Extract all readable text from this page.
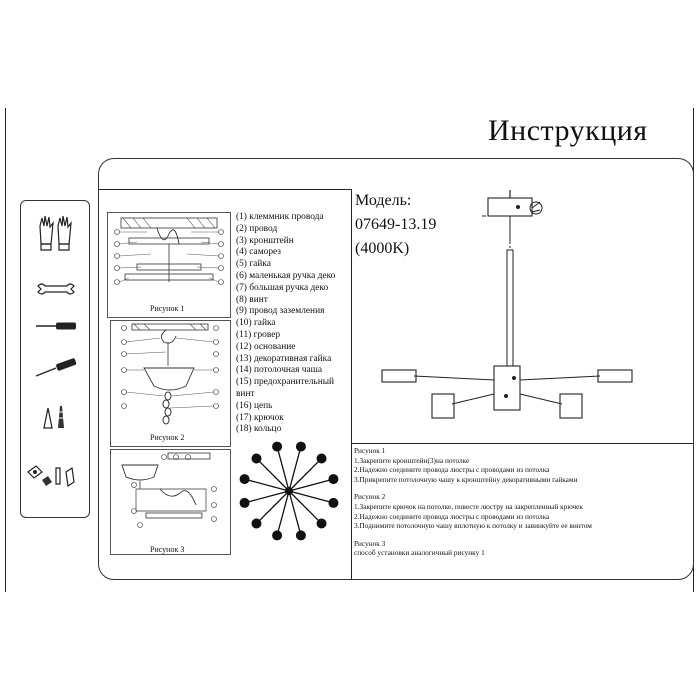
Инструкция
Рисунок 1
Рисунок 2
Рисунок 3
(1) клеммник провода
(2) провод
(3) кронштейн
(4) саморез
(5) гайка
(6) маленькая ручка деко
(7) большая ручка деко
(8) винт
(9) провод заземления
(10) гайка
(11) гровер
(12) основание
(13) декоративная гайка
(14) потолочная чаша
(15) предохранительный
винт
(16) цепь
(17) крючок
(18) кольцо
Модель:
07649-13.19
(4000K)
Рисунок 1
1.Закрепите кронштейн(3)на потолке
2.Надежно соедините провода люстры с проводами из потолка
3.Прикрепите потолочную чашу к кронштейну декоративными гайками
Рисунок 2
1.Закрепите крючок на потолке, повесте люстру на закрепленный крючек
2.Надежно соедините провода люстры с проводами из потолка
3.Поднимите потолочную чашу вплотную к потолку и завинкуйте ее винтом
Рисунок 3
способ установки аналогичный рисунку 1
